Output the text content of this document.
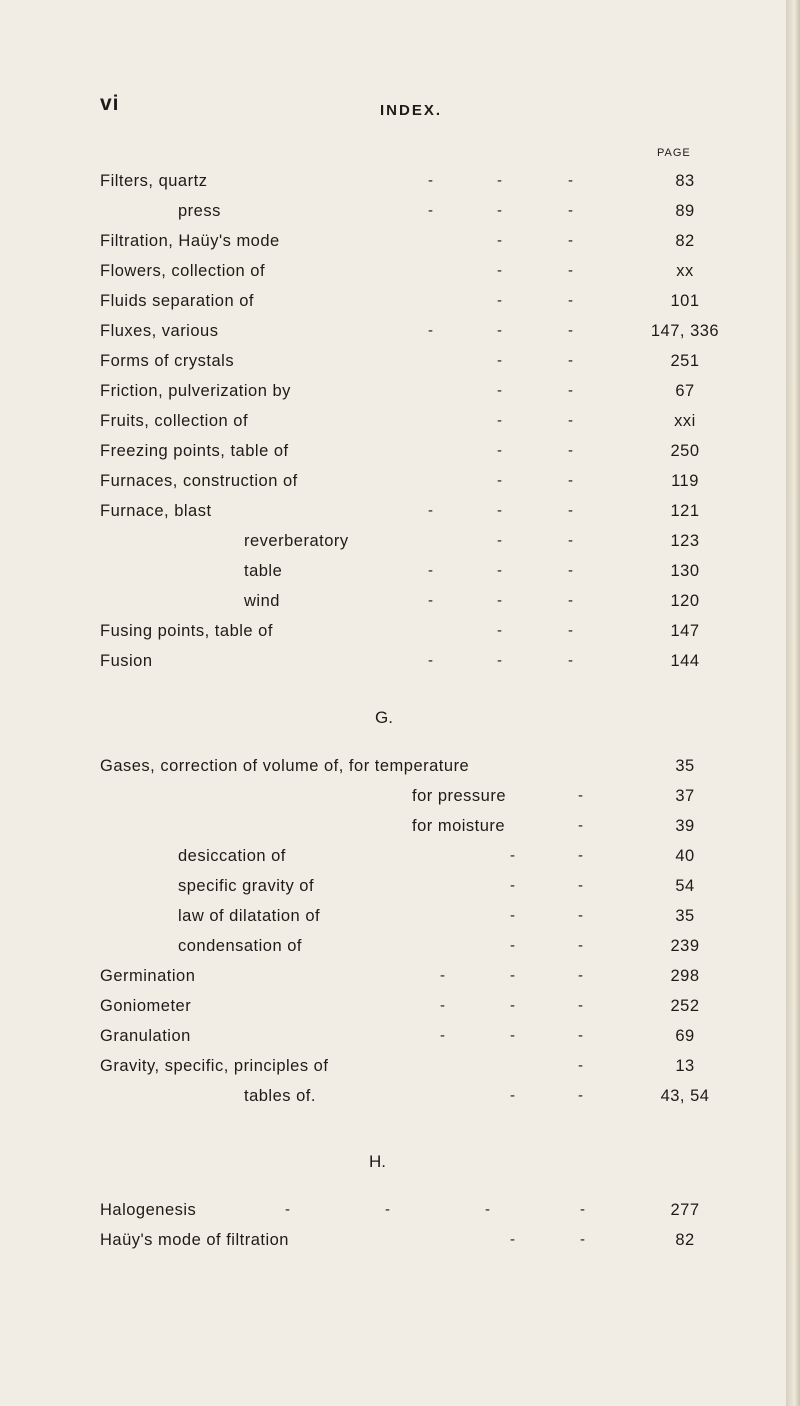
vi	INDEX.
PAGE
Filters, quartz	-	-	-	83
press	-	-	-	89
Filtration, Haüy's mode	-	-	82
Flowers, collection of	-	-	xx
Fluids separation of	-	-	101
Fluxes, various	-	-	-	147, 336
Forms of crystals	-	-	251
Friction, pulverization by	-	-	67
Fruits, collection of	-	-	xxi
Freezing points, table of	-	-	250
Furnaces, construction of	-	-	119
Furnace, blast	-	-	-	121
reverberatory	-	-	123
table	-	-	-	130
wind	-	-	-	120
Fusing points, table of	-	-	147
Fusion	-	-	-	144
G.
Gases, correction of volume of, for temperature	35
for pressure	-	37
for moisture	-	39
desiccation of	-	-	40
specific gravity of	-	-	54
law of dilatation of	-	-	35
condensation of	-	-	239
Germination	-	-	-	298
Goniometer	-	-	-	252
Granulation	-	-	-	69
Gravity, specific, principles of	-	13
tables of.	-	-	43, 54
H.
Halogenesis	-	-	-	-	277
Haüy's mode of filtration	-	-	82
